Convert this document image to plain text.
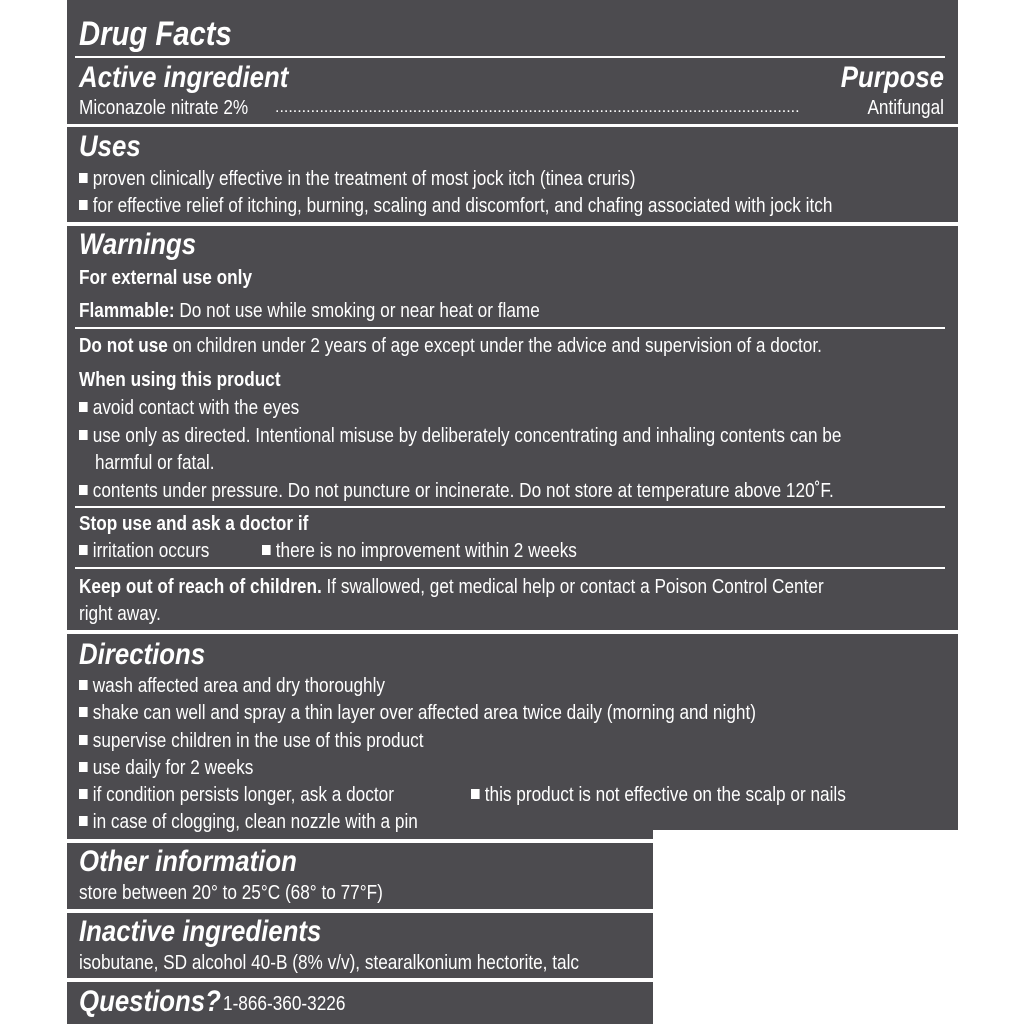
Drug Facts
Active ingredient	Purpose
Miconazole nitrate 2% ......................................................................................................................	Antifungal
Uses
proven clinically effective in the treatment of most jock itch (tinea cruris)
for effective relief of itching, burning, scaling and discomfort, and chafing associated with jock itch
Warnings
For external use only
Flammable: Do not use while smoking or near heat or flame
Do not use on children under 2 years of age except under the advice and supervision of a doctor.
When using this product
avoid contact with the eyes
use only as directed. Intentional misuse by deliberately concentrating and inhaling contents can be
harmful or fatal.
contents under pressure. Do not puncture or incinerate. Do not store at temperature above 120˚F.
Stop use and ask a doctor if
irritation occurs	there is no improvement within 2 weeks
Keep out of reach of children. If swallowed, get medical help or contact a Poison Control Center
right away.
Directions
wash affected area and dry thoroughly
shake can well and spray a thin layer over affected area twice daily (morning and night)
supervise children in the use of this product
use daily for 2 weeks
if condition persists longer, ask a doctor	this product is not effective on the scalp or nails
in case of clogging, clean nozzle with a pin
Other information
store between 20° to 25°C (68° to 77°F)
Inactive ingredients
isobutane, SD alcohol 40-B (8% v/v), stearalkonium hectorite, talc
Questions? 1-866-360-3226
